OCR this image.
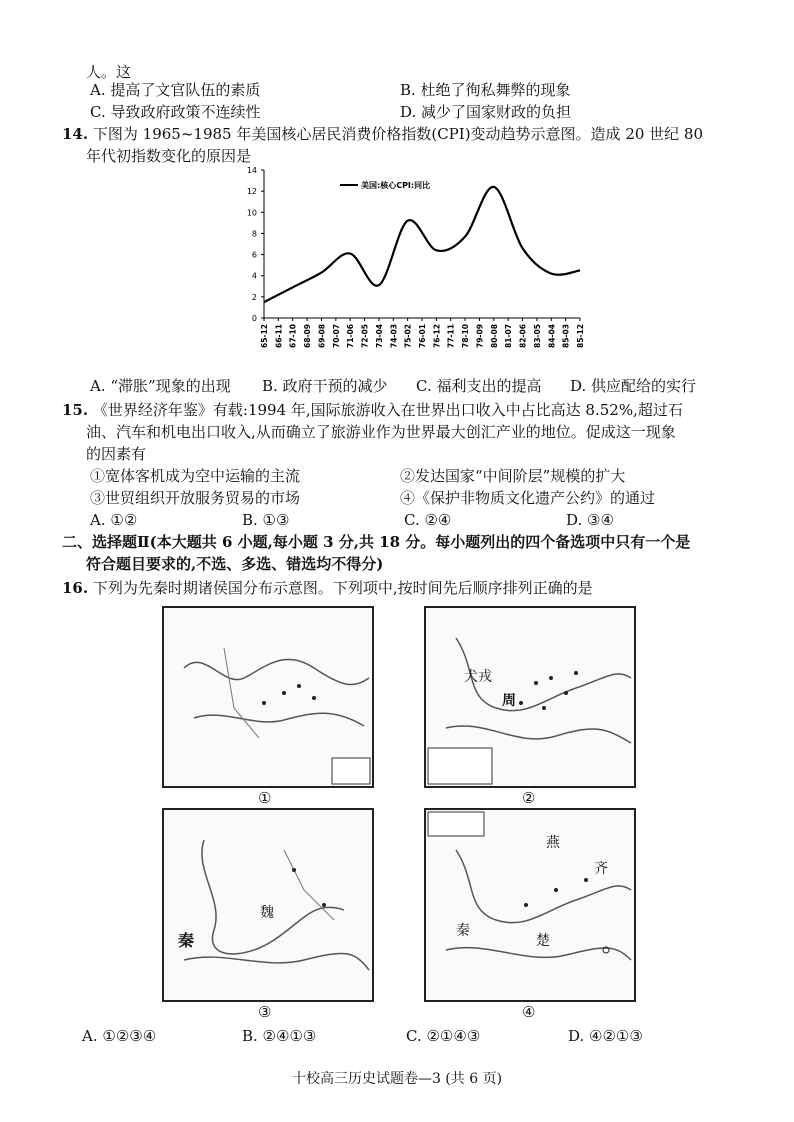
人。这
A. 提高了文官队伍的素质	B. 杜绝了徇私舞弊的现象
C. 导致政府政策不连续性	D. 减少了国家财政的负担
14. 下图为 1965~1985 年美国核心居民消费价格指数(CPI)变动趋势示意图。造成 20 世纪 80
年代初指数变化的原因是
0
2
4
6
8
10
12
14
65-12 66-11 67-10 68-09 69-08 70-07 71-06 72-05 73-04 74-03 75-02 76-01 76-12 77-11 78-10 79-09 80-08 81-07 82-06 83-05 84-04 85-03 85-12
美国:核心CPI:同比
A. “滞胀”现象的出现 B. 政府干预的减少 C. 福利支出的提高 D. 供应配给的实行
15. 《世界经济年鉴》有载:1994 年,国际旅游收入在世界出口收入中占比高达 8.52%,超过石
油、汽车和机电出口收入,从而确立了旅游业作为世界最大创汇产业的地位。促成这一现象
的因素有
①宽体客机成为空中运输的主流	②发达国家“中间阶层”规模的扩大
③世贸组织开放服务贸易的市场	④《保护非物质文化遗产公约》的通过
A. ①②	B. ①③	C. ②④	D. ③④
二、选择题Ⅱ(本大题共 6 小题,每小题 3 分,共 18 分。每小题列出的四个备选项中只有一个是
符合题目要求的,不选、多选、错选均不得分)
16. 下列为先秦时期诸侯国分布示意图。下列项中,按时间先后顺序排列正确的是
①
犬戎
周
②
秦
魏
③
楚
秦
燕
齐
④
A. ①②③④	B. ②④①③	C. ②①④③	D. ④②①③
十校高三历史试题卷—3 (共 6 页)
